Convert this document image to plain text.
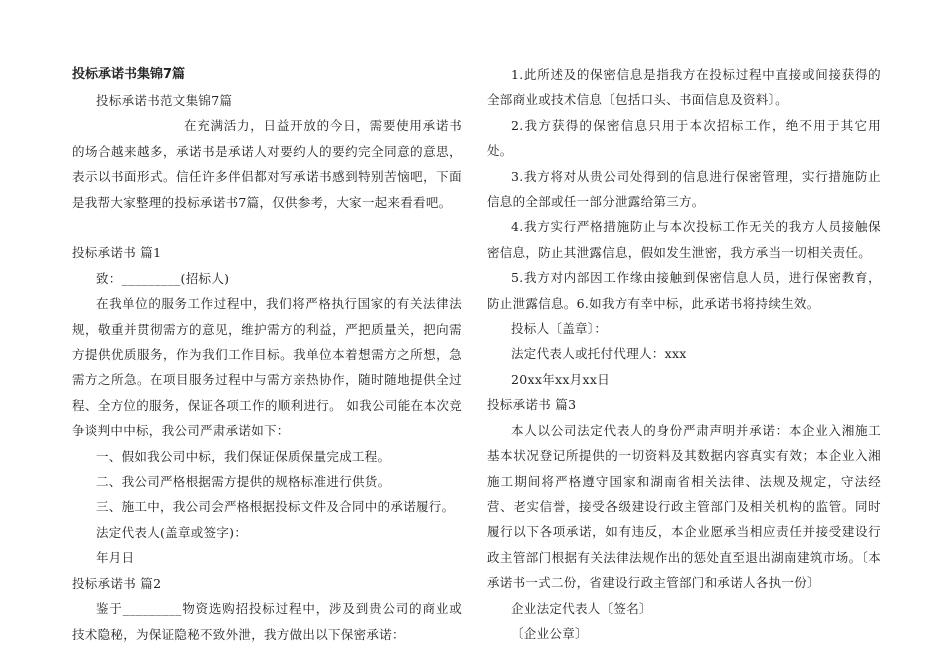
投标承诺书集锦7篇

投标承诺书范文集锦7篇

在充满活力，日益开放的今日，需要使用承诺书的场合越来越多，承诺书是承诺人对要约人的要约完全同意的意思，表示以书面形式。信任许多伴侣都对写承诺书感到特别苦恼吧，下面是我帮大家整理的投标承诺书7篇，仅供参考，大家一起来看看吧。

投标承诺书 篇1

致：_________(招标人)

在我单位的服务工作过程中，我们将严格执行国家的有关法律法规，敬重并贯彻需方的意见，维护需方的利益，严把质量关，把向需方提供优质服务，作为我们工作目标。我单位本着想需方之所想，急需方之所急。在项目服务过程中与需方亲热协作，随时随地提供全过程、全方位的服务，保证各项工作的顺利进行。 如我公司能在本次竞争谈判中中标，我公司严肃承诺如下：

一、假如我公司中标，我们保证保质保量完成工程。

二、我公司严格根据需方提供的规格标准进行供货。

三、施工中，我公司会严格根据投标文件及合同中的承诺履行。

法定代表人(盖章或签字)：

年月日

投标承诺书 篇2

鉴于_________物资选购招投标过程中，涉及到贵公司的商业或技术隐秘，为保证隐秘不致外泄，我方做出以下保密承诺：

1.此所述及的保密信息是指我方在投标过程中直接或间接获得的全部商业或技术信息〔包括口头、书面信息及资料〕。

2.我方获得的保密信息只用于本次招标工作，绝不用于其它用处。

3.我方将对从贵公司处得到的信息进行保密管理，实行措施防止信息的全部或任一部分泄露给第三方。

4.我方实行严格措施防止与本次投标工作无关的我方人员接触保密信息，防止其泄露信息，假如发生泄密，我方承当一切相关责任。

5.我方对内部因工作缘由接触到保密信息人员，进行保密教育，防止泄露信息。6.如我方有幸中标，此承诺书将持续生效。

投标人〔盖章〕：

法定代表人或托付代理人：xxx

20xx年xx月xx日

投标承诺书 篇3

本人以公司法定代表人的身份严肃声明并承诺：本企业入湘施工基本状况登记所提供的一切资料及其数据内容真实有效；本企业入湘施工期间将严格遵守国家和湖南省相关法律、法规及规定，守法经营、老实信誉，接受各级建设行政主管部门及相关机构的监管。同时履行以下各项承诺，如有违反，本企业愿承当相应责任并接受建设行政主管部门根据有关法律法规作出的惩处直至退出湖南建筑市场。〔本承诺书一式二份，省建设行政主管部门和承诺人各执一份〕

企业法定代表人〔签名〕

〔企业公章〕
